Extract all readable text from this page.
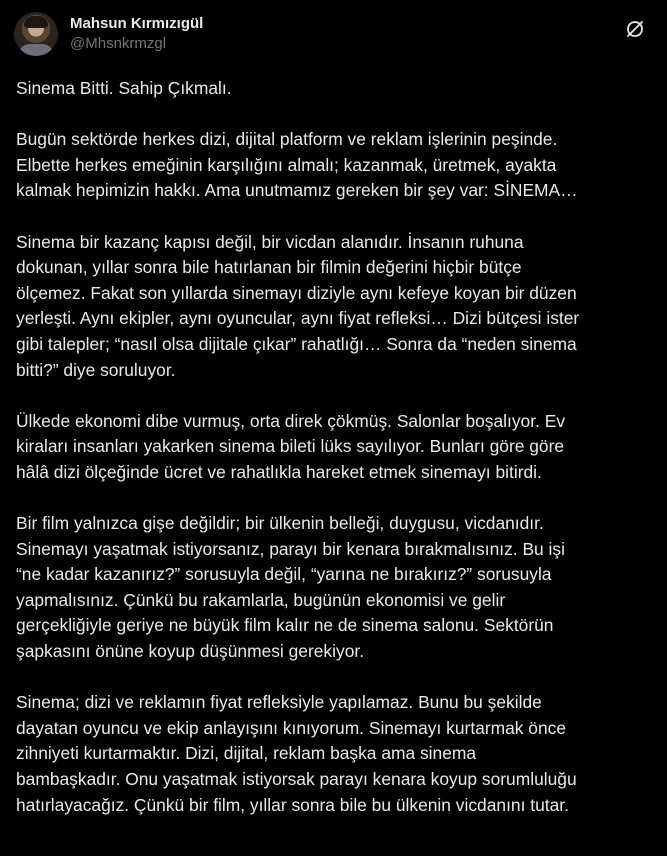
Mahsun Kırmızıgül
@Mhsnkrmzgl

Sinema Bitti. Sahip Çıkmalı.

Bugün sektörde herkes dizi, dijital platform ve reklam işlerinin peşinde.
Elbette herkes emeğinin karşılığını almalı; kazanmak, üretmek, ayakta
kalmak hepimizin hakkı. Ama unutmamız gereken bir şey var: SİNEMA…

Sinema bir kazanç kapısı değil, bir vicdan alanıdır. İnsanın ruhuna
dokunan, yıllar sonra bile hatırlanan bir filmin değerini hiçbir bütçe
ölçemez. Fakat son yıllarda sinemayı diziyle aynı kefeye koyan bir düzen
yerleşti. Aynı ekipler, aynı oyuncular, aynı fiyat refleksi… Dizi bütçesi ister
gibi talepler; “nasıl olsa dijitale çıkar” rahatlığı… Sonra da “neden sinema
bitti?” diye soruluyor.

Ülkede ekonomi dibe vurmuş, orta direk çökmüş. Salonlar boşalıyor. Ev
kiraları insanları yakarken sinema bileti lüks sayılıyor. Bunları göre göre
hâlâ dizi ölçeğinde ücret ve rahatlıkla hareket etmek sinemayı bitirdi.

Bir film yalnızca gişe değildir; bir ülkenin belleği, duygusu, vicdanıdır.
Sinemayı yaşatmak istiyorsanız, parayı bir kenara bırakmalısınız. Bu işi
“ne kadar kazanırız?” sorusuyla değil, “yarına ne bırakırız?” sorusuyla
yapmalısınız. Çünkü bu rakamlarla, bugünün ekonomisi ve gelir
gerçekliğiyle geriye ne büyük film kalır ne de sinema salonu. Sektörün
şapkasını önüne koyup düşünmesi gerekiyor.

Sinema; dizi ve reklamın fiyat refleksiyle yapılamaz. Bunu bu şekilde
dayatan oyuncu ve ekip anlayışını kınıyorum. Sinemayı kurtarmak önce
zihniyeti kurtarmaktır. Dizi, dijital, reklam başka ama sinema
bambaşkadır. Onu yaşatmak istiyorsak parayı kenara koyup sorumluluğu
hatırlayacağız. Çünkü bir film, yıllar sonra bile bu ülkenin vicdanını tutar.
